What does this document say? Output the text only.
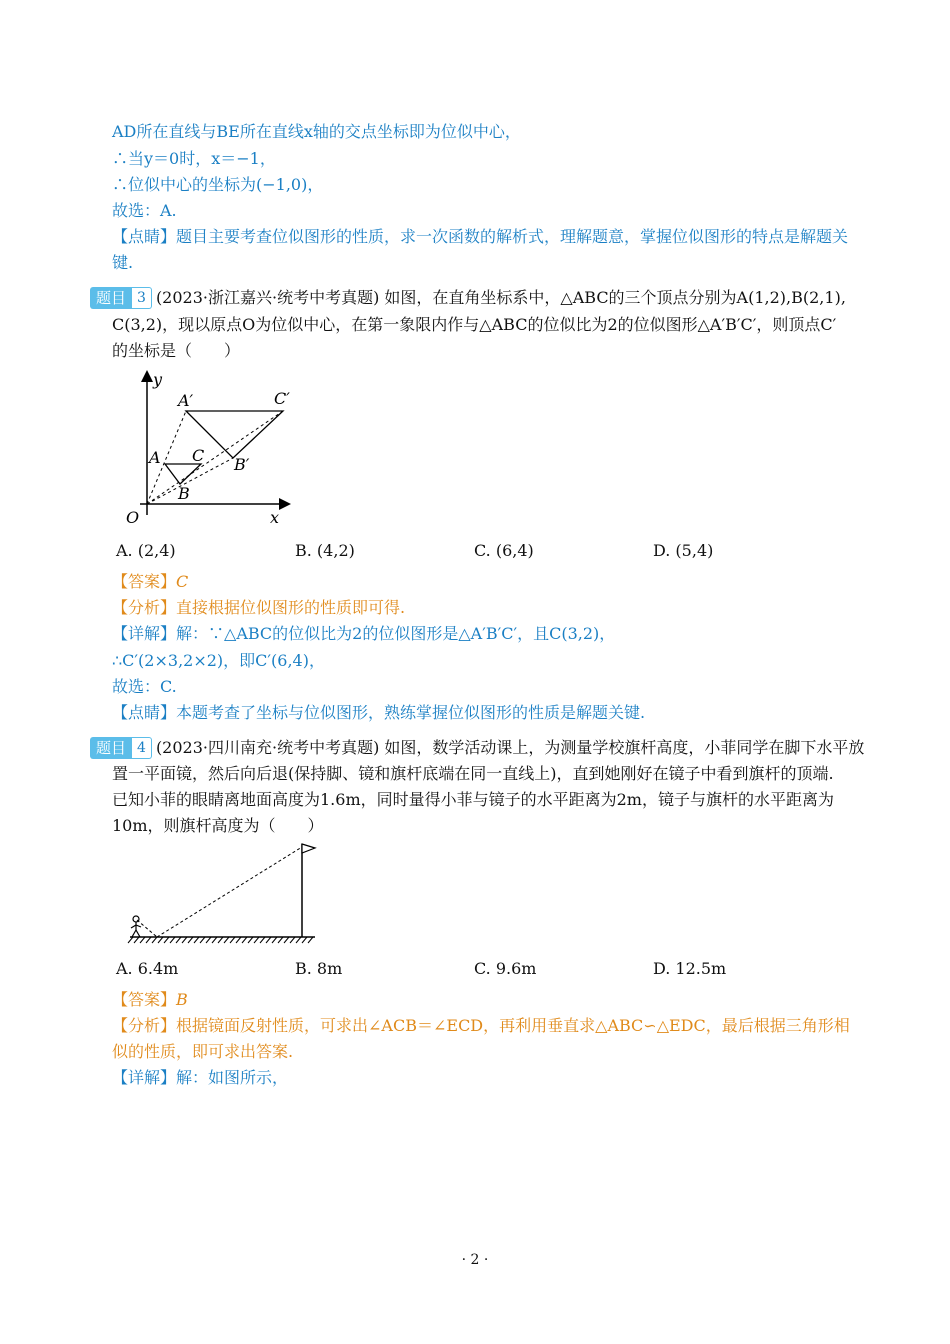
AD所在直线与BE所在直线x轴的交点坐标即为位似中心，
∴当y＝0时，x＝−1，
∴位似中心的坐标为(−1,0)，
故选：A.
【点睛】题目主要考查位似图形的性质，求一次函数的解析式，理解题意，掌握位似图形的特点是解题关
键.
题目 3 (2023·浙江嘉兴·统考中考真题) 如图，在直角坐标系中，△ABC的三个顶点分别为A(1,2),B(2,1),
C(3,2)，现以原点O为位似中心，在第一象限内作与△ABC的位似比为2的位似图形△A′B′C′，则顶点C′
的坐标是（　　）
y
x
O
A
B
C
A′
B′
C′
A. (2,4)	B. (4,2)	C. (6,4)	D. (5,4)
【答案】C
【分析】直接根据位似图形的性质即可得.
【详解】解：∵△ABC的位似比为2的位似图形是△A′B′C′，且C(3,2)，
∴C′(2×3,2×2)，即C′(6,4)，
故选：C.
【点睛】本题考查了坐标与位似图形，熟练掌握位似图形的性质是解题关键.
题目 4 (2023·四川南充·统考中考真题) 如图，数学活动课上，为测量学校旗杆高度，小菲同学在脚下水平放
置一平面镜，然后向后退(保持脚、镜和旗杆底端在同一直线上)，直到她刚好在镜子中看到旗杆的顶端.
已知小菲的眼睛离地面高度为1.6m，同时量得小菲与镜子的水平距离为2m，镜子与旗杆的水平距离为
10m，则旗杆高度为（　　）
A. 6.4m	B. 8m	C. 9.6m	D. 12.5m
【答案】B
【分析】根据镜面反射性质，可求出∠ACB＝∠ECD，再利用垂直求△ABC∽△EDC，最后根据三角形相
似的性质，即可求出答案.
【详解】解：如图所示，
· 2 ·
